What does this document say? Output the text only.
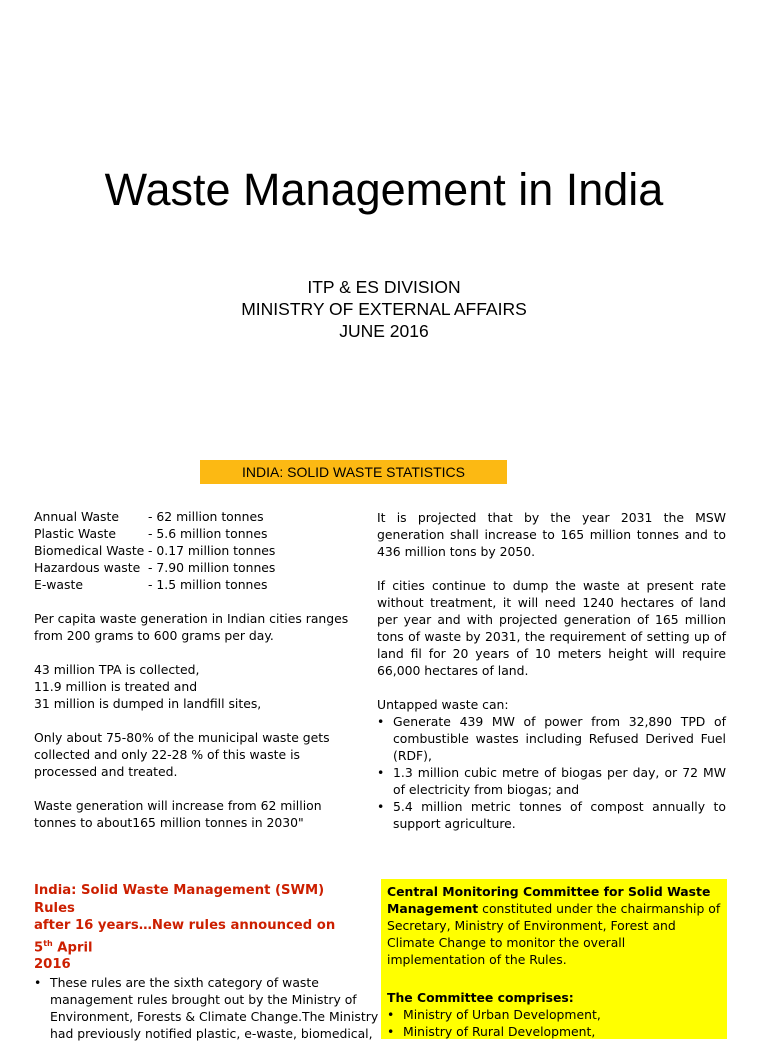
Waste Management in India
ITP & ES DIVISION
MINISTRY OF EXTERNAL AFFAIRS
JUNE 2016
INDIA: SOLID WASTE STATISTICS
Annual Waste	- 62 million tonnes
Plastic Waste	- 5.6 million tonnes
Biomedical Waste - 0.17 million tonnes
Hazardous waste - 7.90 million tonnes
E-waste	- 1.5 million tonnes
Per capita waste generation in Indian cities ranges
from 200 grams to 600 grams per day.
43 million TPA is collected,
11.9 million is treated and
31 million is dumped in landfill sites,
Only about 75-80% of the municipal waste gets
collected and only 22-28 % of this waste is
processed and treated.
Waste generation will increase from 62 million
tonnes to about165 million tonnes in 2030"
It is projected that by the year 2031 the MSW generation shall increase to 165 million tonnes and to 436 million tons by 2050.
If cities continue to dump the waste at present rate without treatment, it will need 1240 hectares of land per year and with projected generation of 165 million tons of waste by 2031, the requirement of setting up of land fil for 20 years of 10 meters height will require 66,000 hectares of land.
Untapped waste can:
• Generate 439 MW of power from 32,890 TPD of combustible wastes including Refused Derived Fuel (RDF),
• 1.3 million cubic metre of biogas per day, or 72 MW of electricity from biogas; and
• 5.4 million metric tonnes of compost annually to support agriculture.
India: Solid Waste Management (SWM) Rules
after 16 years…New rules announced on 5th April
2016
• These rules are the sixth category of waste
management rules brought out by the Ministry of
Environment, Forests & Climate Change.The Ministry
had previously notified plastic, e-waste, biomedical,
Central Monitoring Committee for Solid Waste Management constituted under the chairmanship of Secretary, Ministry of Environment, Forest and Climate Change to monitor the overall implementation of the Rules.
The Committee comprises:
• Ministry of Urban Development,
• Ministry of Rural Development,
